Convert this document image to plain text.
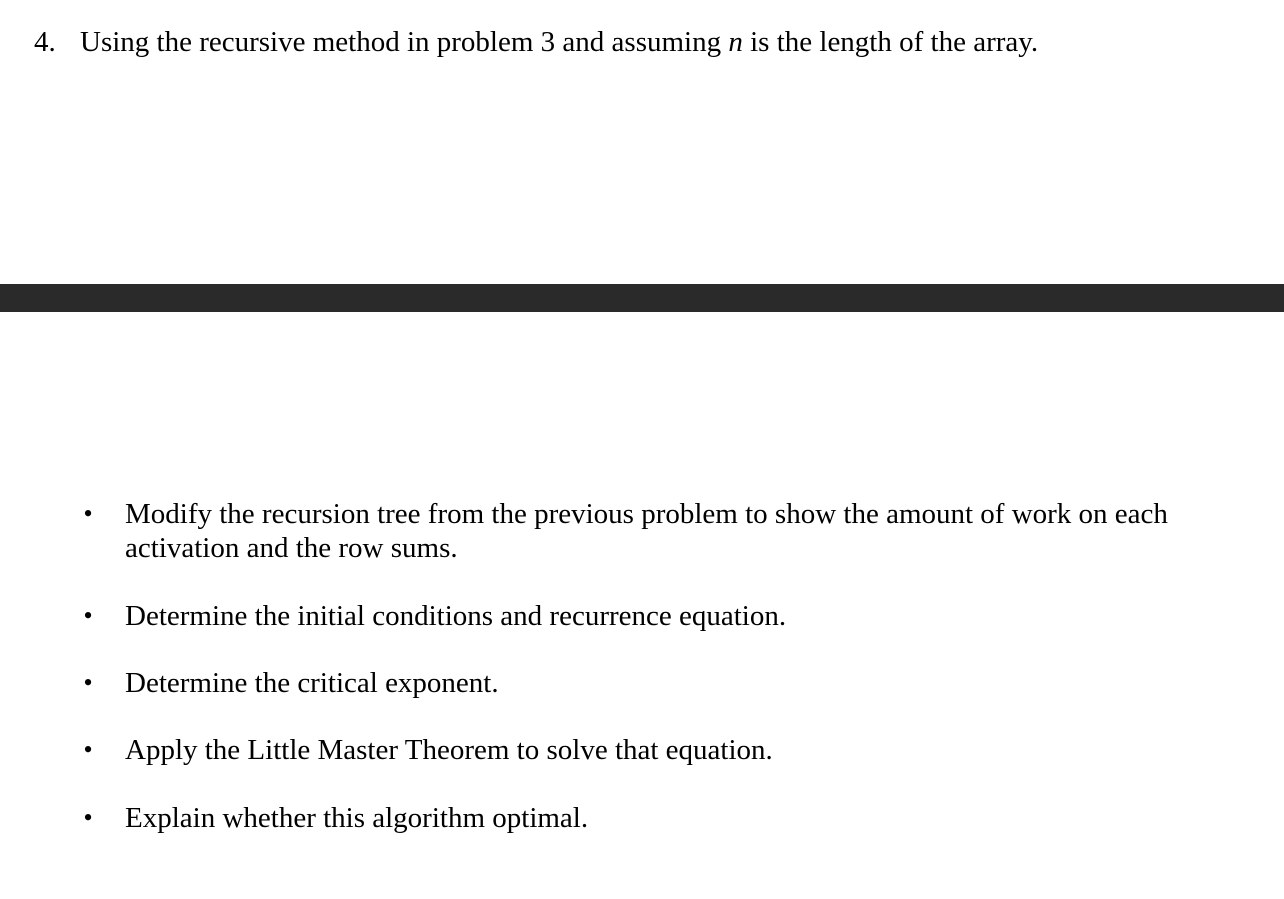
4. Using the recursive method in problem 3 and assuming n is the length of the array.
• Modify the recursion tree from the previous problem to show the amount of work on each activation and the row sums.
• Determine the initial conditions and recurrence equation.
• Determine the critical exponent.
• Apply the Little Master Theorem to solve that equation.
• Explain whether this algorithm optimal.
